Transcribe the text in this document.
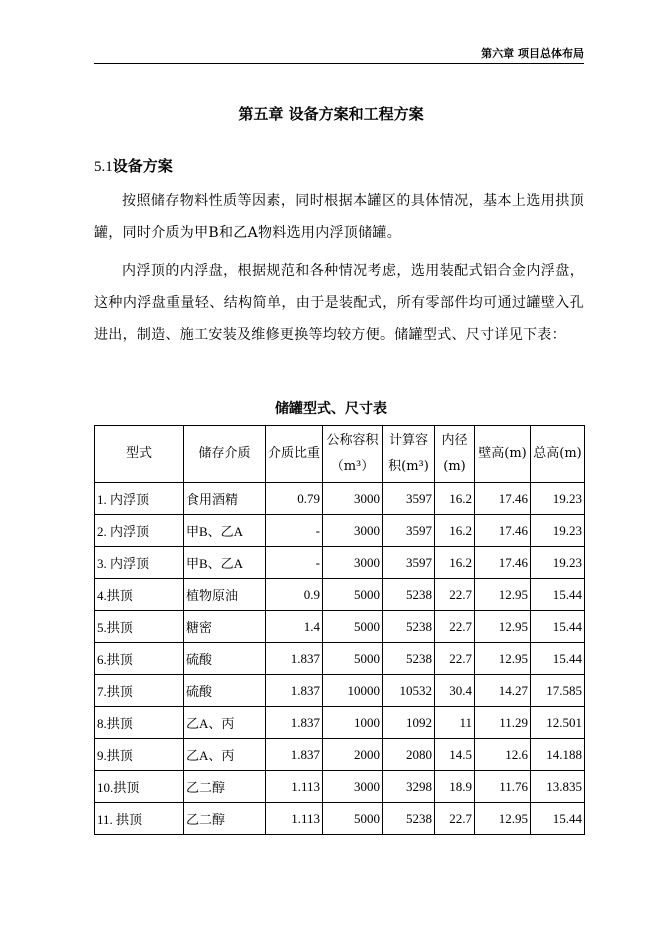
第六章 项目总体布局
第五章 设备方案和工程方案
5.1设备方案

按照储存物料性质等因素，同时根据本罐区的具体情况，基本上选用拱顶罐，同时介质为甲B和乙A物料选用内浮顶储罐。

内浮顶的内浮盘，根据规范和各种情况考虑，选用装配式铝合金内浮盘，这种内浮盘重量轻、结构简单，由于是装配式，所有零部件均可通过罐壁入孔进出，制造、施工安装及维修更换等均较方便。储罐型式、尺寸详见下表：

储罐型式、尺寸表
型式	储存介质	介质比重	公称容积（m³）	计算容积(m³)	内径(m)	壁高(m)	总高(m)
1. 内浮顶	食用酒精	0.79	3000	3597	16.2	17.46	19.23
2. 内浮顶	甲B、乙A	-	3000	3597	16.2	17.46	19.23
3. 内浮顶	甲B、乙A	-	3000	3597	16.2	17.46	19.23
4.拱顶	植物原油	0.9	5000	5238	22.7	12.95	15.44
5.拱顶	糖密	1.4	5000	5238	22.7	12.95	15.44
6.拱顶	硫酸	1.837	5000	5238	22.7	12.95	15.44
7.拱顶	硫酸	1.837	10000	10532	30.4	14.27	17.585
8.拱顶	乙A、丙	1.837	1000	1092	11	11.29	12.501
9.拱顶	乙A、丙	1.837	2000	2080	14.5	12.6	14.188
10.拱顶	乙二醇	1.113	3000	3298	18.9	11.76	13.835
11. 拱顶	乙二醇	1.113	5000	5238	22.7	12.95	15.44
